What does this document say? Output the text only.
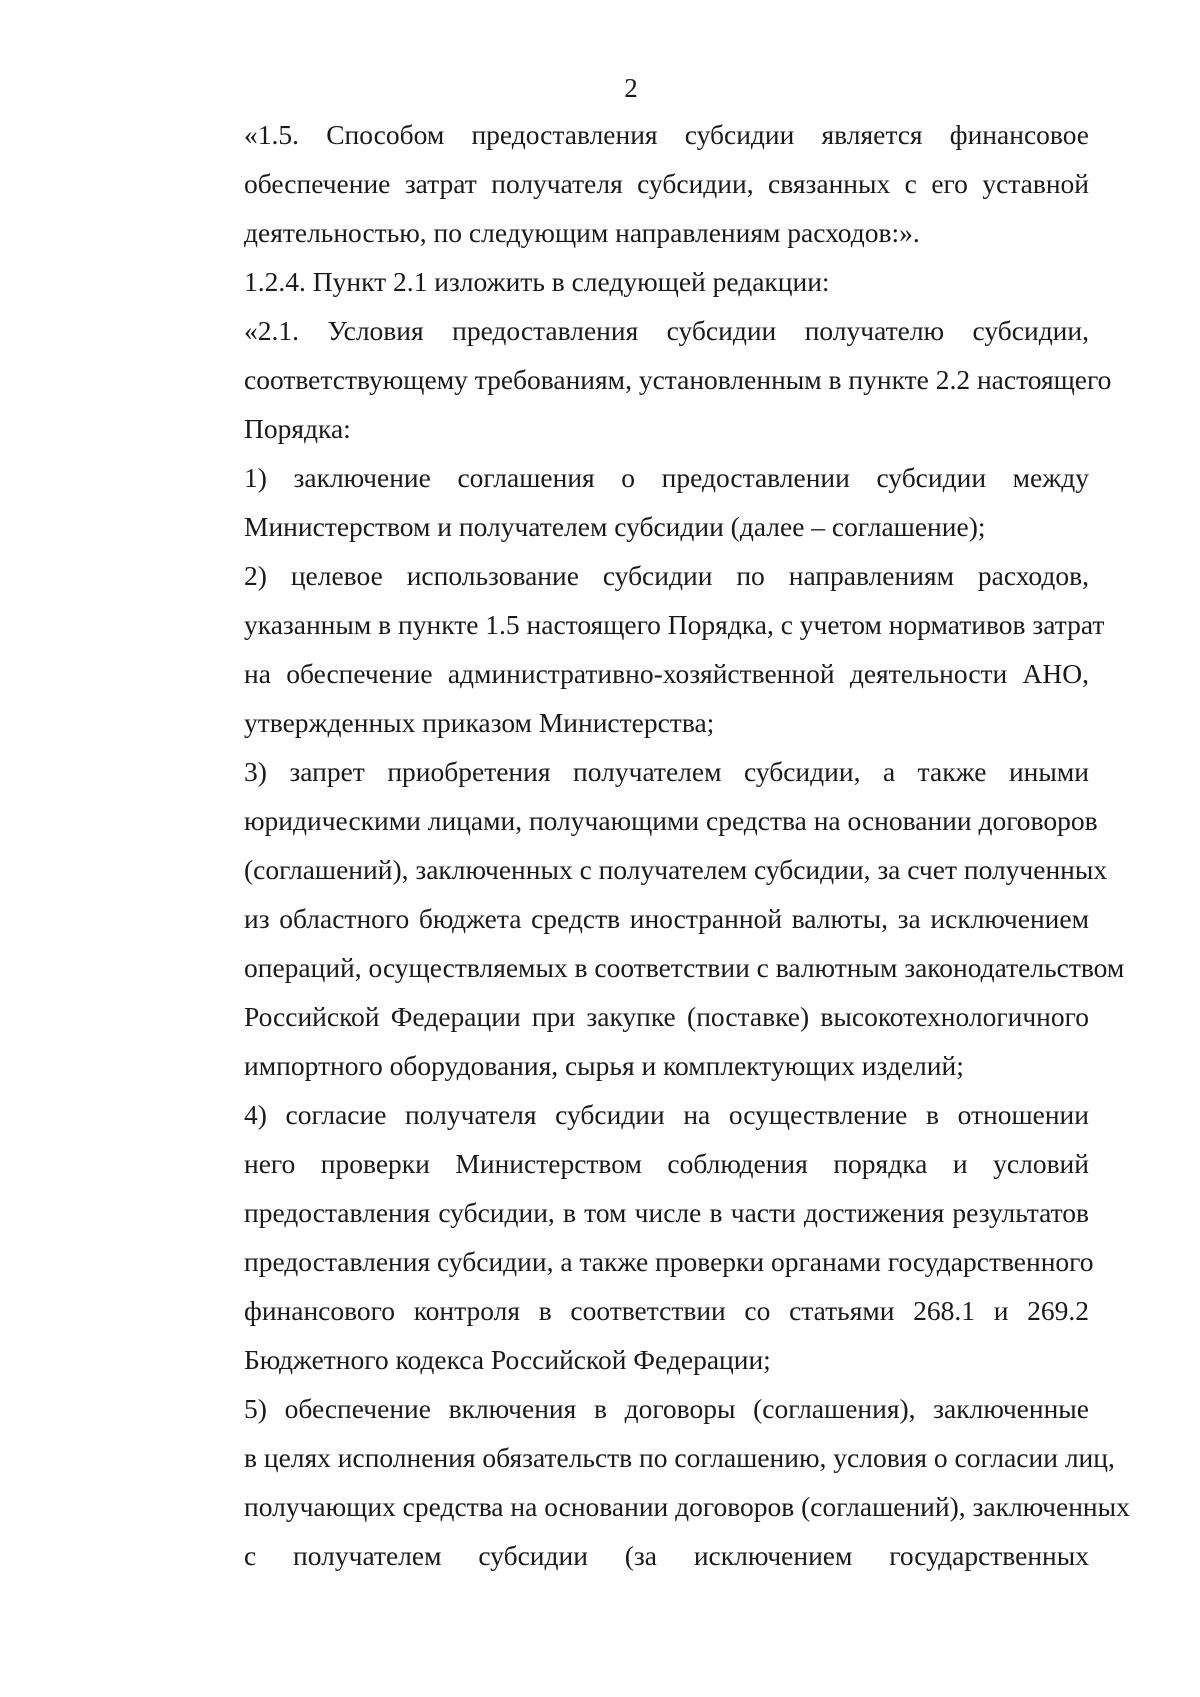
2

«1.5. Способом предоставления субсидии является финансовое
обеспечение затрат получателя субсидии, связанных с его уставной
деятельностью, по следующим направлениям расходов:».

1.2.4. Пункт 2.1 изложить в следующей редакции:

«2.1. Условия предоставления субсидии получателю субсидии,
соответствующему требованиям, установленным в пункте 2.2 настоящего
Порядка:

1) заключение соглашения о предоставлении субсидии между
Министерством и получателем субсидии (далее – соглашение);

2) целевое использование субсидии по направлениям расходов,
указанным в пункте 1.5 настоящего Порядка, с учетом нормативов затрат
на обеспечение административно-хозяйственной деятельности АНО,
утвержденных приказом Министерства;

3) запрет приобретения получателем субсидии, а также иными
юридическими лицами, получающими средства на основании договоров
(соглашений), заключенных с получателем субсидии, за счет полученных
из областного бюджета средств иностранной валюты, за исключением
операций, осуществляемых в соответствии с валютным законодательством
Российской Федерации при закупке (поставке) высокотехнологичного
импортного оборудования, сырья и комплектующих изделий;

4) согласие получателя субсидии на осуществление в отношении
него проверки Министерством соблюдения порядка и условий
предоставления субсидии, в том числе в части достижения результатов
предоставления субсидии, а также проверки органами государственного
финансового контроля в соответствии со статьями 268.1 и 269.2
Бюджетного кодекса Российской Федерации;

5) обеспечение включения в договоры (соглашения), заключенные
в целях исполнения обязательств по соглашению, условия о согласии лиц,
получающих средства на основании договоров (соглашений), заключенных
с получателем субсидии (за исключением государственных
